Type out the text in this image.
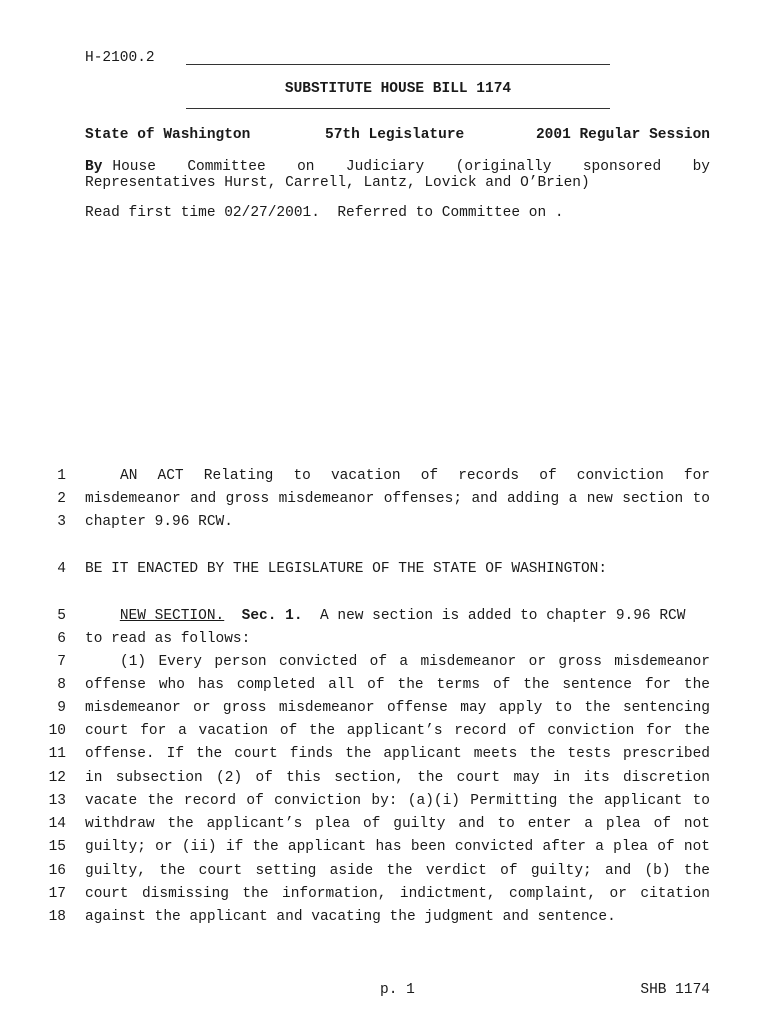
H-2100.2
SUBSTITUTE HOUSE BILL 1174
State of Washington	57th Legislature	2001 Regular Session
By House Committee on Judiciary (originally sponsored by
Representatives Hurst, Carrell, Lantz, Lovick and O’Brien)
Read first time 02/27/2001.  Referred to Committee on .
1	AN ACT Relating to vacation of records of conviction for
2 misdemeanor and gross misdemeanor offenses; and adding a new section to
3 chapter 9.96 RCW.
4 BE IT ENACTED BY THE LEGISLATURE OF THE STATE OF WASHINGTON:
5	NEW SECTION. Sec. 1. A new section is added to chapter 9.96 RCW
6 to read as follows:
7	(1) Every person convicted of a misdemeanor or gross misdemeanor
8 offense who has completed all of the terms of the sentence for the
9 misdemeanor or gross misdemeanor offense may apply to the sentencing
10 court for a vacation of the applicant’s record of conviction for the
11 offense. If the court finds the applicant meets the tests prescribed
12 in subsection (2) of this section, the court may in its discretion
13 vacate the record of conviction by: (a)(i) Permitting the applicant to
14 withdraw the applicant’s plea of guilty and to enter a plea of not
15 guilty; or (ii) if the applicant has been convicted after a plea of not
16 guilty, the court setting aside the verdict of guilty; and (b) the
17 court dismissing the information, indictment, complaint, or citation
18 against the applicant and vacating the judgment and sentence.
p. 1	SHB 1174
